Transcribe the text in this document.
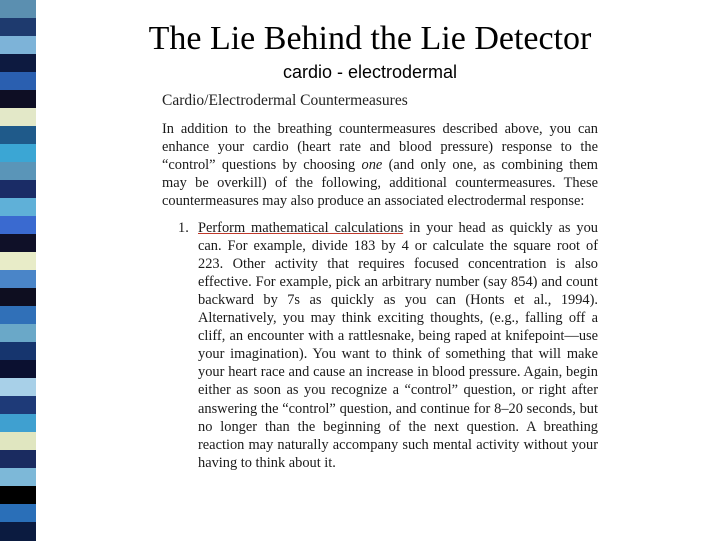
The Lie Behind the Lie Detector
cardio - electrodermal
Cardio/Electrodermal Countermeasures
In addition to the breathing countermeasures described above, you can enhance your cardio (heart rate and blood pressure) response to the “control” questions by choosing one (and only one, as combining them may be overkill) of the following, additional countermeasures. These countermeasures may also produce an associated electrodermal response:
1. Perform mathematical calculations in your head as quickly as you can. For example, divide 183 by 4 or calculate the square root of 223. Other activity that requires focused concentration is also effective. For example, pick an arbitrary number (say 854) and count backward by 7s as quickly as you can (Honts et al., 1994). Alternatively, you may think exciting thoughts, (e.g., falling off a cliff, an encounter with a rattlesnake, being raped at knifepoint—use your imagination). You want to think of something that will make your heart race and cause an increase in blood pressure. Again, begin either as soon as you recognize a “control” question, or right after answering the “control” question, and continue for 8–20 seconds, but no longer than the beginning of the next question. A breathing reaction may naturally accompany such mental activity without your having to think about it.
